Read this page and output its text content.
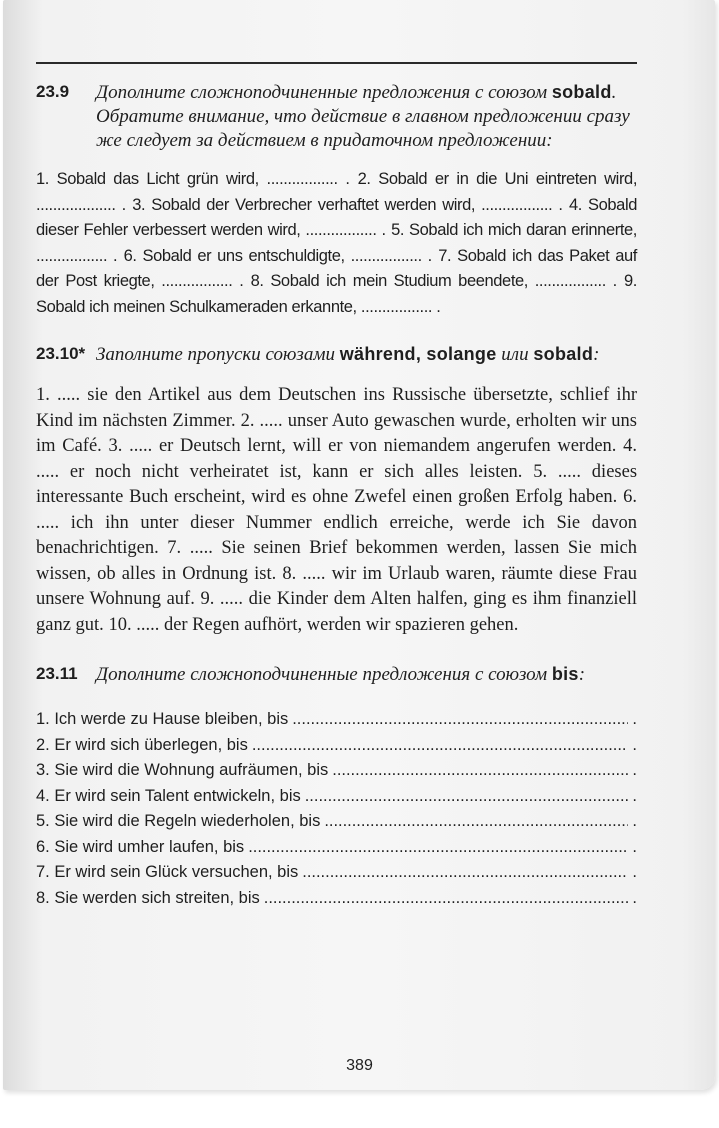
23.9	Дополните сложноподчиненные предложения с союзом sobald. Обратите внимание, что действие в главном предложении сразу же следует за действием в придаточном предложении:
1. Sobald das Licht grün wird, ................. . 2. Sobald er in die Uni eintreten wird, ................... . 3. Sobald der Verbrecher verhaftet werden wird, ................. . 4. Sobald dieser Fehler verbessert werden wird, ................. . 5. Sobald ich mich daran erinnerte, ................. . 6. Sobald er uns entschuldigte, ................. . 7. Sobald ich das Paket auf der Post kriegte, ................. . 8. Sobald ich mein Studium beendete, ................. . 9. Sobald ich meinen Schulkameraden erkannte, ................. .
23.10* Заполните пропуски союзами während, solange или sobald:
1. ..... sie den Artikel aus dem Deutschen ins Russische übersetzte, schlief ihr Kind im nächsten Zimmer. 2. ..... unser Auto gewaschen wurde, erholten wir uns im Café. 3. ..... er Deutsch lernt, will er von niemandem angerufen werden. 4. ..... er noch nicht verheiratet ist, kann er sich alles leisten. 5. ..... dieses interessante Buch erscheint, wird es ohne Zwefel einen großen Erfolg haben. 6. ..... ich ihn unter dieser Nummer endlich erreiche, werde ich Sie davon benachrichtigen. 7. ..... Sie seinen Brief bekommen werden, lassen Sie mich wissen, ob alles in Ordnung ist. 8. ..... wir im Urlaub waren, räumte diese Frau unsere Wohnung auf. 9. ..... die Kinder dem Alten halfen, ging es ihm finanziell ganz gut. 10. ..... der Regen aufhört, werden wir spazieren gehen.
23.11 Дополните сложноподчиненные предложения с союзом bis:
1. Ich werde zu Hause bleiben, bis . . .	.
2. Er wird sich überlegen, bis . . .	.
3. Sie wird die Wohnung aufräumen, bis . . .	.
4. Er wird sein Talent entwickeln, bis . . .	.
5. Sie wird die Regeln wiederholen, bis . . .	.
6. Sie wird umher laufen, bis . . .	.
7. Er wird sein Glück versuchen, bis . . .	.
8. Sie werden sich streiten, bis . . .	.
389
